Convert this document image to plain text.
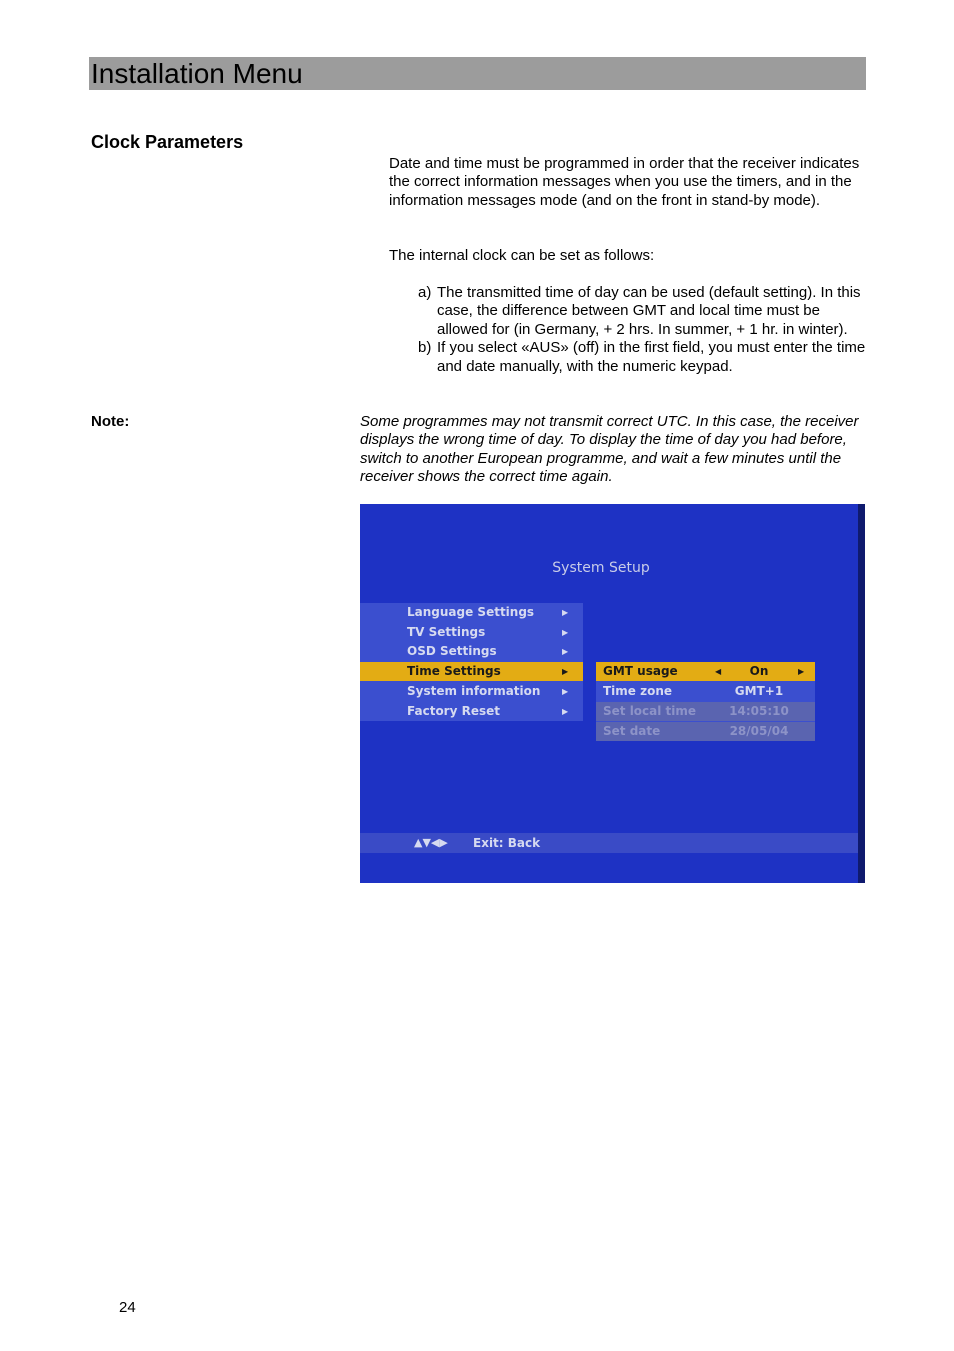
Installation Menu
Clock Parameters
Date and time must be programmed in order that the receiver indicates the correct information messages when you use the timers, and in the information messages mode (and on the front in stand-by mode).
The internal clock can be set as follows:
a) The transmitted time of day can be used (default setting). In this case, the difference between GMT and local time must be allowed for (in Germany, + 2 hrs. In summer, + 1 hr. in winter).
b) If you select «AUS» (off) in the first field, you must enter the time and date manually, with the numeric keypad.
Note:	Some programmes may not transmit correct UTC. In this case, the receiver displays the wrong time of day. To display the time of day you had before, switch to another European programme, and wait a few minutes until the receiver shows the correct time again.
System Setup
Language Settings	▶
TV Settings	▶
OSD Settings	▶
Time Settings	▶
System information	▶
Factory Reset	▶
GMT usage	◀	On	▶
Time zone	GMT+1
Set local time	14:05:10
Set date	28/05/04
▲▼◀▶ Exit: Back
24
